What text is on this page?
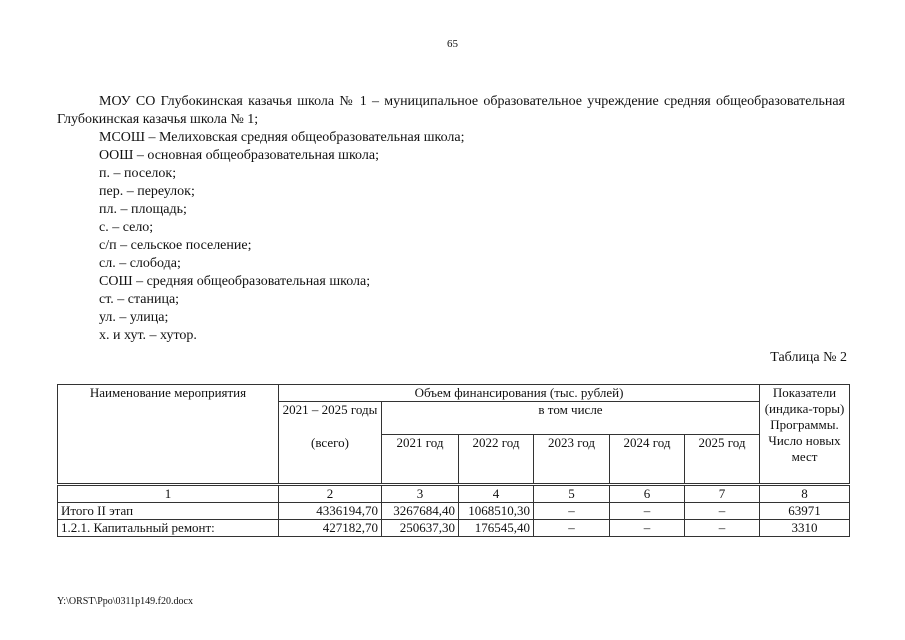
65
МОУ СО Глубокинская казачья школа № 1 – муниципальное образовательное учреждение средняя общеобразовательная Глубокинская казачья школа № 1;
МСОШ – Мелиховская средняя общеобразовательная школа;
ООШ – основная общеобразовательная школа;
п. – поселок;
пер. – переулок;
пл. – площадь;
с. – село;
с/п – сельское поселение;
сл. – слобода;
СОШ – средняя общеобразовательная школа;
ст. – станица;
ул. – улица;
х. и хут. – хутор.
Таблица № 2
Наименование мероприятия	Объем финансирования (тыс. рублей)						Показатели (индика-торы) Программы. Число новых мест
	2021 – 2025 годы	в том числе					
	(всего)	2021 год	2022 год	2023 год	2024 год	2025 год	
1	2	3	4	5	6	7	8
Итого II этап	4336194,70	3267684,40	1068510,30	–	–	–	63971
1.2.1. Капитальный ремонт:	427182,70	250637,30	176545,40	–	–	–	3310
Y:\ORST\Ppo\0311p149.f20.docx
